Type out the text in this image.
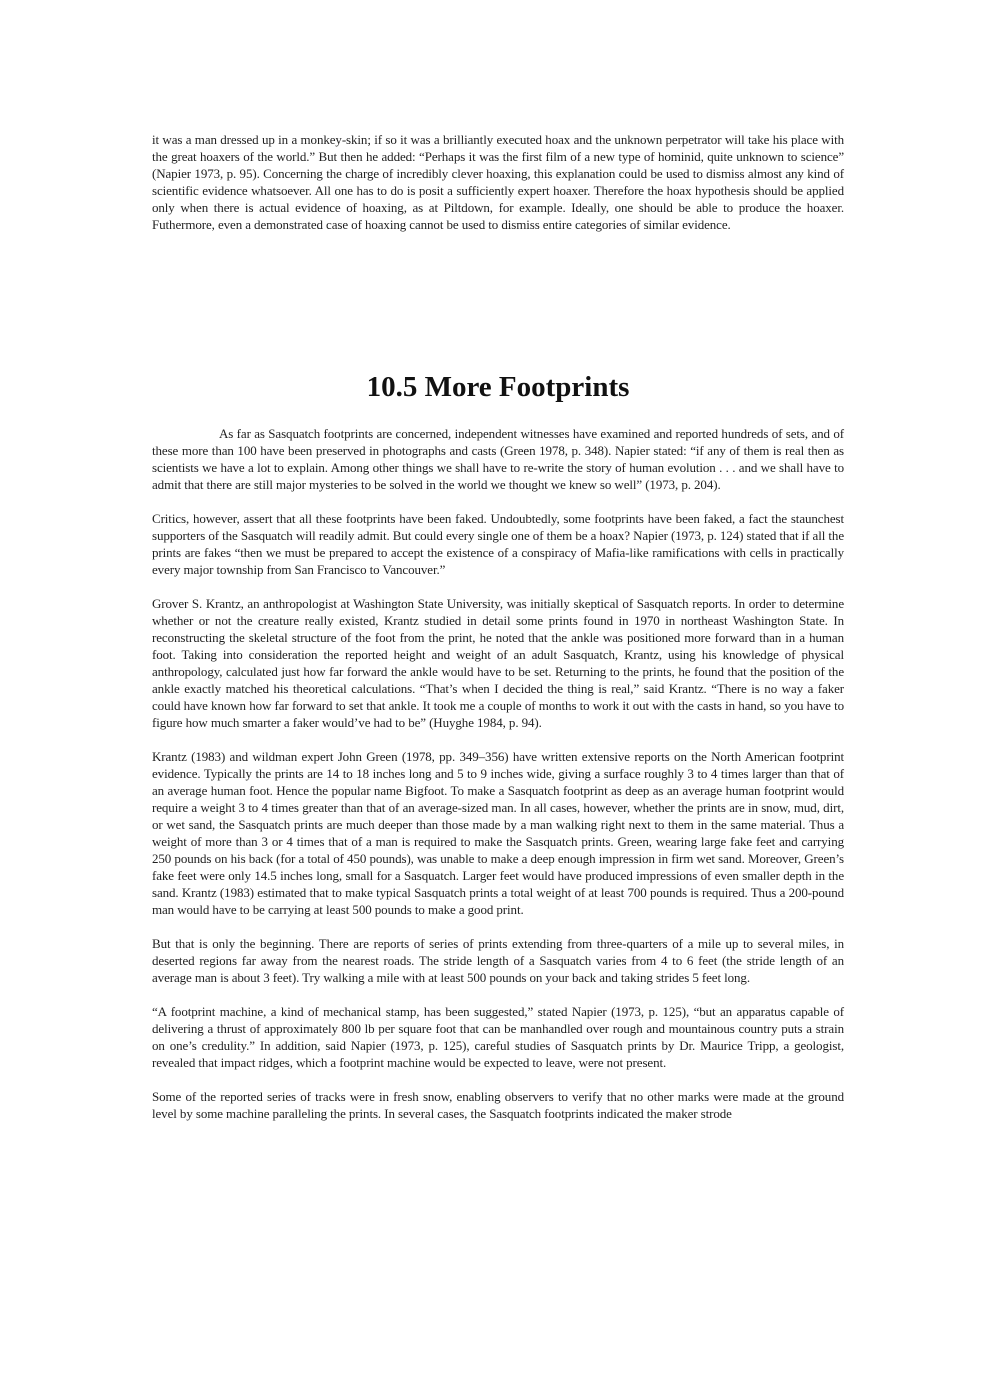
it was a man dressed up in a monkey-skin; if so it was a brilliantly executed hoax and the unknown perpetrator will take his place with the great hoaxers of the world.” But then he added: “Perhaps it was the first film of a new type of hominid, quite unknown to science” (Napier 1973, p. 95). Concerning the charge of incredibly clever hoaxing, this explanation could be used to dismiss almost any kind of scientific evidence whatsoever. All one has to do is posit a sufficiently expert hoaxer. Therefore the hoax hypothesis should be applied only when there is actual evidence of hoaxing, as at Piltdown, for example. Ideally, one should be able to produce the hoaxer. Futhermore, even a demonstrated case of hoaxing cannot be used to dismiss entire categories of similar evidence.

10.5 More Footprints

As far as Sasquatch footprints are concerned, independent witnesses have examined and reported hundreds of sets, and of these more than 100 have been preserved in photographs and casts (Green 1978, p. 348). Napier stated: “if any of them is real then as scientists we have a lot to explain. Among other things we shall have to re-write the story of human evolution . . . and we shall have to admit that there are still major mysteries to be solved in the world we thought we knew so well” (1973, p. 204).

Critics, however, assert that all these footprints have been faked. Undoubtedly, some footprints have been faked, a fact the staunchest supporters of the Sasquatch will readily admit. But could every single one of them be a hoax? Napier (1973, p. 124) stated that if all the prints are fakes “then we must be prepared to accept the existence of a conspiracy of Mafia-like ramifications with cells in practically every major township from San Francisco to Vancouver.”

Grover S. Krantz, an anthropologist at Washington State University, was initially skeptical of Sasquatch reports. In order to determine whether or not the creature really existed, Krantz studied in detail some prints found in 1970 in northeast Washington State. In reconstructing the skeletal structure of the foot from the print, he noted that the ankle was positioned more forward than in a human foot. Taking into consideration the reported height and weight of an adult Sasquatch, Krantz, using his knowledge of physical anthropology, calculated just how far forward the ankle would have to be set. Returning to the prints, he found that the position of the ankle exactly matched his theoretical calculations. “That’s when I decided the thing is real,” said Krantz. “There is no way a faker could have known how far forward to set that ankle. It took me a couple of months to work it out with the casts in hand, so you have to figure how much smarter a faker would’ve had to be” (Huyghe 1984, p. 94).

Krantz (1983) and wildman expert John Green (1978, pp. 349–356) have written extensive reports on the North American footprint evidence. Typically the prints are 14 to 18 inches long and 5 to 9 inches wide, giving a surface roughly 3 to 4 times larger than that of an average human foot. Hence the popular name Bigfoot. To make a Sasquatch footprint as deep as an average human footprint would require a weight 3 to 4 times greater than that of an average-sized man. In all cases, however, whether the prints are in snow, mud, dirt, or wet sand, the Sasquatch prints are much deeper than those made by a man walking right next to them in the same material. Thus a weight of more than 3 or 4 times that of a man is required to make the Sasquatch prints. Green, wearing large fake feet and carrying 250 pounds on his back (for a total of 450 pounds), was unable to make a deep enough impression in firm wet sand. Moreover, Green’s fake feet were only 14.5 inches long, small for a Sasquatch. Larger feet would have produced impressions of even smaller depth in the sand. Krantz (1983) estimated that to make typical Sasquatch prints a total weight of at least 700 pounds is required. Thus a 200-pound man would have to be carrying at least 500 pounds to make a good print.

But that is only the beginning. There are reports of series of prints extending from three-quarters of a mile up to several miles, in deserted regions far away from the nearest roads. The stride length of a Sasquatch varies from 4 to 6 feet (the stride length of an average man is about 3 feet). Try walking a mile with at least 500 pounds on your back and taking strides 5 feet long.

“A footprint machine, a kind of mechanical stamp, has been suggested,” stated Napier (1973, p. 125), “but an apparatus capable of delivering a thrust of approximately 800 lb per square foot that can be manhandled over rough and mountainous country puts a strain on one’s credulity.” In addition, said Napier (1973, p. 125), careful studies of Sasquatch prints by Dr. Maurice Tripp, a geologist, revealed that impact ridges, which a footprint machine would be expected to leave, were not present.

Some of the reported series of tracks were in fresh snow, enabling observers to verify that no other marks were made at the ground level by some machine paralleling the prints. In several cases, the Sasquatch footprints indicated the maker strode
